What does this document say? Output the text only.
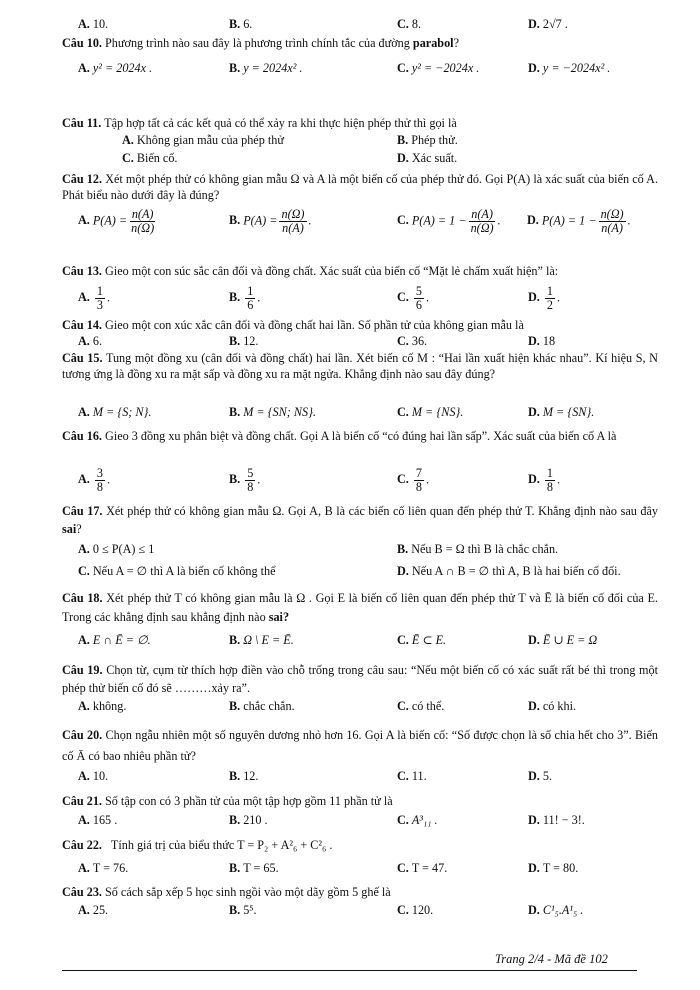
A. 10.	B. 6.	C. 8.	D. 2√7 .
Câu 10. Phương trình nào sau đây là phương trình chính tắc của đường parabol?
A. y² = 2024x .	B. y = 2024x² .	C. y² = −2024x .	D. y = −2024x² .
Câu 11. Tập hợp tất cả các kết quả có thể xảy ra khi thực hiện phép thử thì gọi là
A. Không gian mẫu của phép thử	B. Phép thử.
C. Biến cố.	D. Xác suất.
Câu 12. Xét một phép thử có không gian mẫu Ω và A là một biến cố của phép thử đó. Gọi P(A) là xác suất của biến cố A. Phát biểu nào dưới đây là đúng?
A. $P(A) = \frac{n(A)}{n(\Omega)}$	B. $P(A) = \frac{n(\Omega)}{n(A)}$ .	C. $P(A) = 1 - \frac{n(A)}{n(\Omega)}$ . D. $P(A) = 1 - \frac{n(\Omega)}{n(A)}$ .
Câu 13. Gieo một con súc sắc cân đối và đồng chất. Xác suất của biến cố “Mặt lẻ chấm xuất hiện” là:
A. $\frac{1}{3}$ .	B. $\frac{1}{6}$ .	C. $\frac{5}{6}$ .	D. $\frac{1}{2}$ .
Câu 14. Gieo một con xúc xắc cân đối và đồng chất hai lần. Số phần tử của không gian mẫu là
A. 6.	B. 12.	C. 36.	D. 18
Câu 15. Tung một đồng xu (cân đối và đồng chất) hai lần. Xét biến cố M : “Hai lần xuất hiện khác nhau”. Kí hiệu S, N tương ứng là đồng xu ra mặt sấp và đồng xu ra mặt ngửa. Khẳng định nào sau đây đúng?
A. M = {S; N}.	B. M = {SN; NS}.	C. M = {NS}.	D. M = {SN}.
Câu 16. Gieo 3 đồng xu phân biệt và đồng chất. Gọi A là biến cố “có đúng hai lần sấp”. Xác suất của biến cố A là
A. $\frac{3}{8}$ .	B. $\frac{5}{8}$ .	C. $\frac{7}{8}$ .	D. $\frac{1}{8}$ .
Câu 17. Xét phép thử có không gian mẫu Ω. Gọi A, B là các biến cố liên quan đến phép thử T. Khẳng định nào sau đây sai?
A. 0 ≤ P(A) ≤ 1	B. Nếu B = Ω thì B là chắc chắn.
C. Nếu A = ∅ thì A là biến cố không thể	D. Nếu A ∩ B = ∅ thì A, B là hai biến cố đối.
Câu 18. Xét phép thử T có không gian mẫu là Ω . Gọi E là biến cố liên quan đến phép thử T và Ē là biến cố đối của E. Trong các khẳng định sau khẳng định nào sai?
A. E ∩ Ē = ∅.	B. Ω \ E = Ē.	C. Ē ⊂ E.	D. Ē ∪ E = Ω
Câu 19. Chọn từ, cụm từ thích hợp điền vào chỗ trống trong câu sau: “Nếu một biến cố có xác suất rất bé thì trong một phép thử biến cố đó sẽ ………xảy ra”.
A. không.	B. chắc chắn.	C. có thể.	D. có khi.
Câu 20. Chọn ngẫu nhiên một số nguyên dương nhỏ hơn 16. Gọi A là biến cố: “Số được chọn là số chia hết cho 3”. Biến cố Ā có bao nhiêu phần tử?
A. 10.	B. 12.	C. 11.	D. 5.
Câu 21. Số tập con có 3 phần tử của một tập hợp gồm 11 phần tử là
A. 165 .	B. 210 .	C. A³₁₁ .	D. 11! − 3!.
Câu 22. Tính giá trị của biểu thức T = P₂ + A²₆ + C²₆ .
A. T = 76.	B. T = 65.	C. T = 47.	D. T = 80.
Câu 23. Số cách sắp xếp 5 học sinh ngồi vào một dãy gồm 5 ghế là
A. 25.	B. 5⁵.	C. 120.	D. C¹₅.A¹₅ .
Trang 2/4 - Mã đề 102
